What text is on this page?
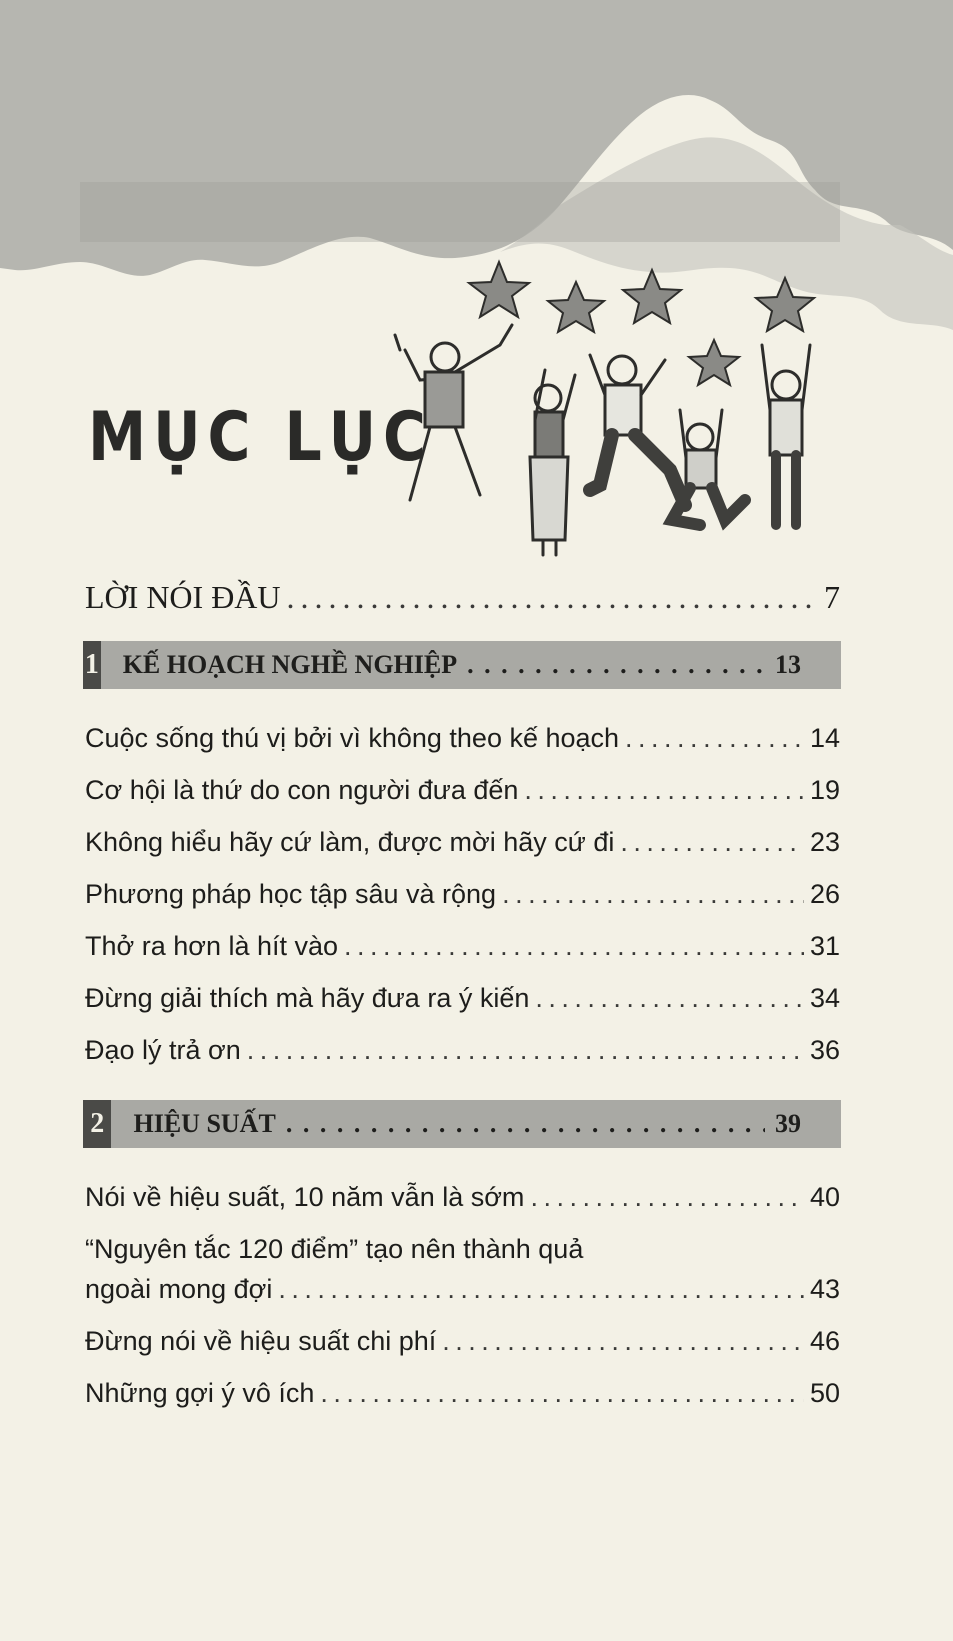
MỤC LỤC
LỜI NÓI ĐẦU . . .	7
1 KẾ HOẠCH NGHỀ NGHIỆP . . .	13
Cuộc sống thú vị bởi vì không theo kế hoạch . . .	14
Cơ hội là thứ do con người đưa đến . . .	19
Không hiểu hãy cứ làm, được mời hãy cứ đi . . .	23
Phương pháp học tập sâu và rộng . . .	26
Thở ra hơn là hít vào . . .	31
Đừng giải thích mà hãy đưa ra ý kiến . . .	34
Đạo lý trả ơn . . .	36
2 HIỆU SUẤT . . .	39
Nói về hiệu suất, 10 năm vẫn là sớm . . .	40
“Nguyên tắc 120 điểm” tạo nên thành quả
ngoài mong đợi . . .	43
Đừng nói về hiệu suất chi phí . . .	46
Những gợi ý vô ích . . .	50
